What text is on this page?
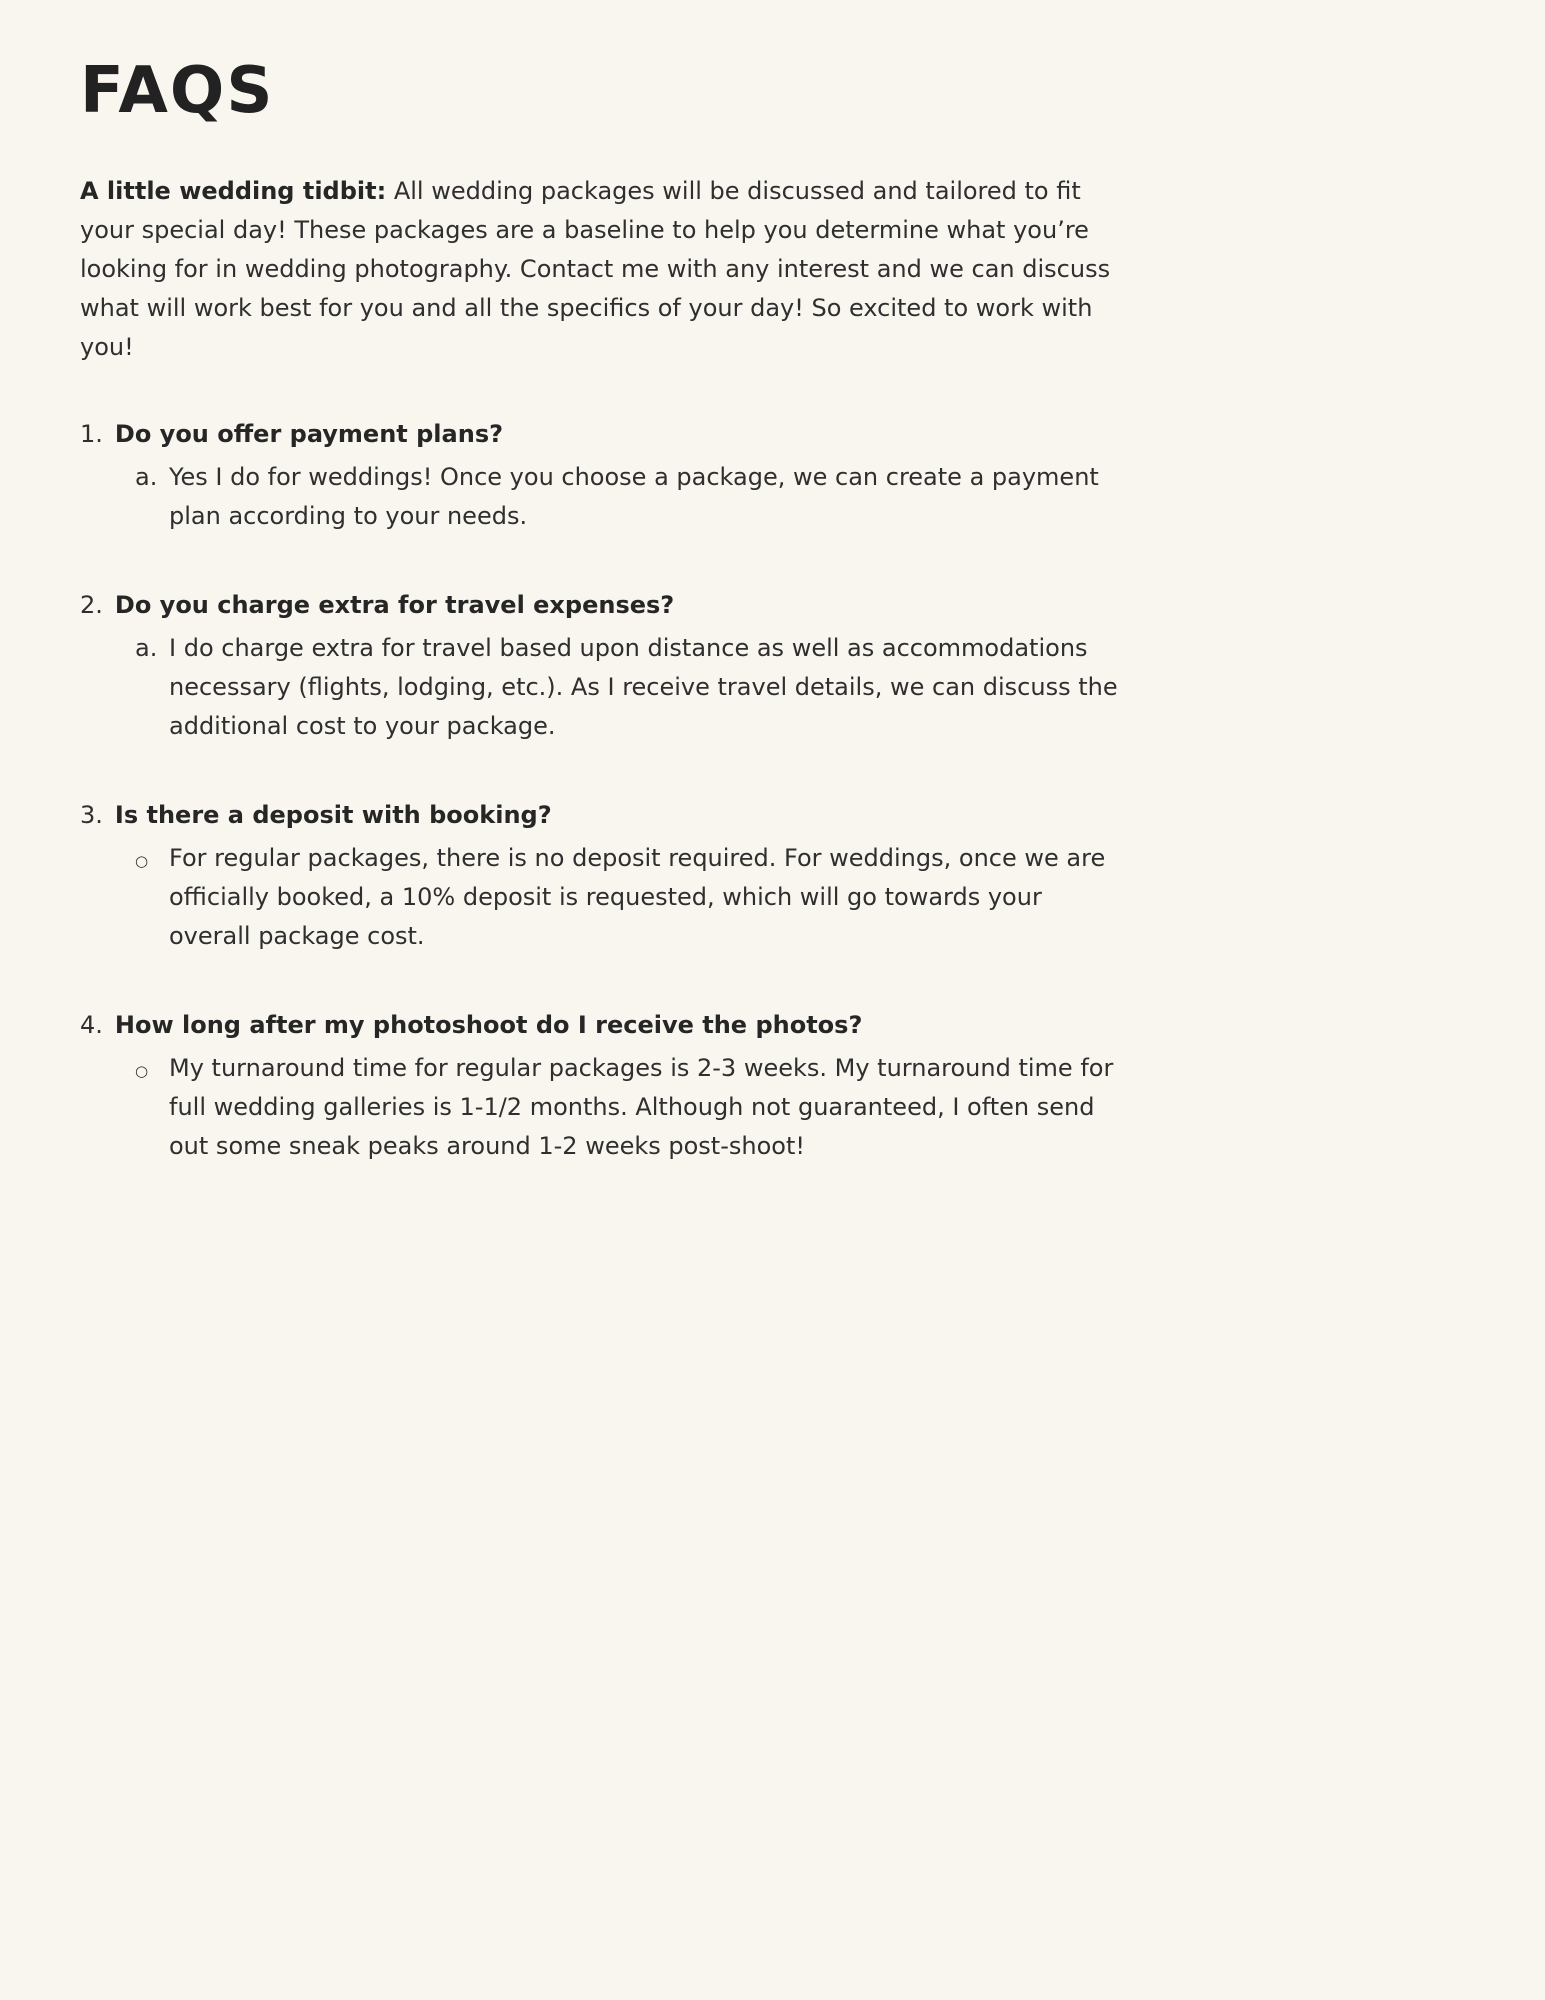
FAQS

A little wedding tidbit: All wedding packages will be discussed and tailored to fit your special day! These packages are a baseline to help you determine what you’re looking for in wedding photography. Contact me with any interest and we can discuss what will work best for you and all the specifics of your day! So excited to work with you!

1. Do you offer payment plans?
a. Yes I do for weddings! Once you choose a package, we can create a payment plan according to your needs.
2. Do you charge extra for travel expenses?
a. I do charge extra for travel based upon distance as well as accommodations necessary (flights, lodging, etc.). As I receive travel details, we can discuss the additional cost to your package.
3. Is there a deposit with booking?
○ For regular packages, there is no deposit required. For weddings, once we are officially booked, a 10% deposit is requested, which will go towards your overall package cost.
4. How long after my photoshoot do I receive the photos?
○ My turnaround time for regular packages is 2-3 weeks. My turnaround time for full wedding galleries is 1-1/2 months. Although not guaranteed, I often send out some sneak peaks around 1-2 weeks post-shoot!
